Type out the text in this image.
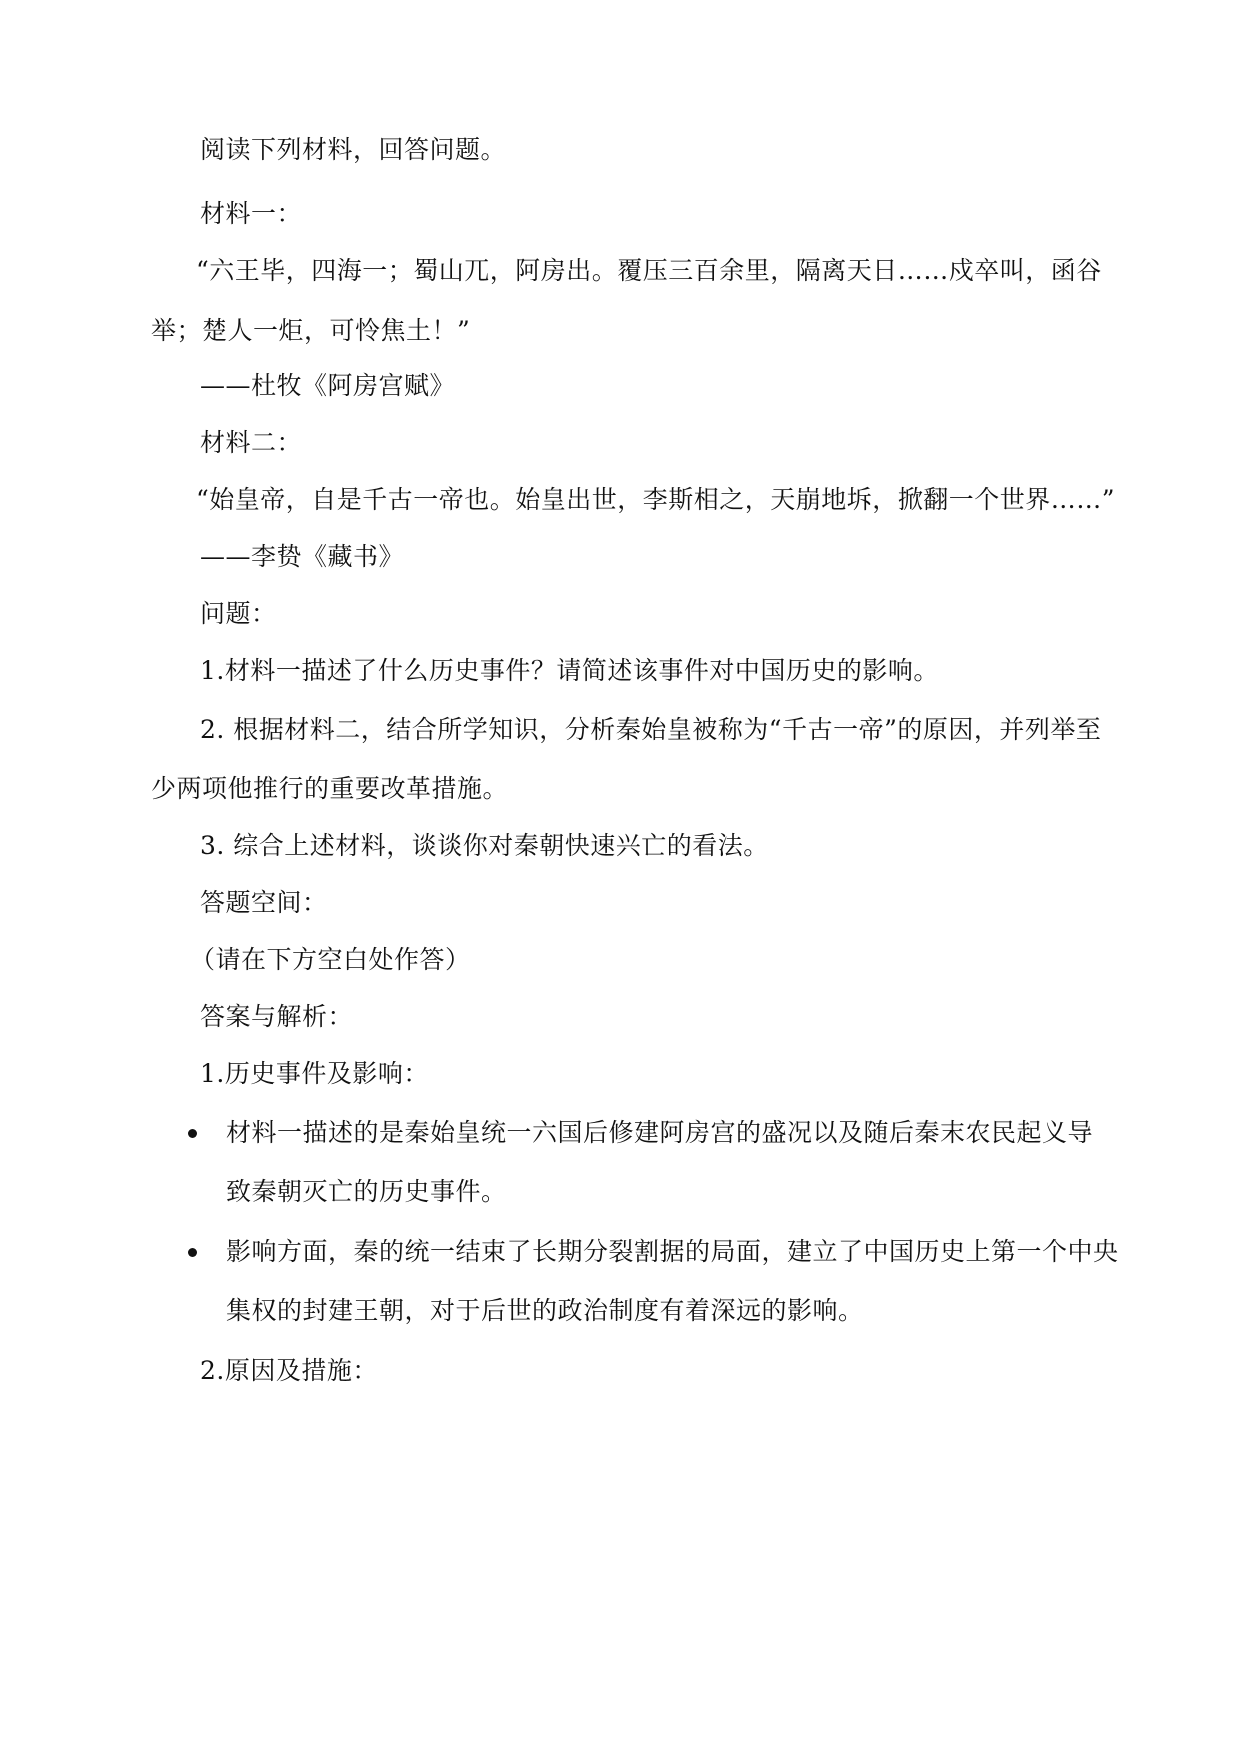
阅读下列材料，回答问题。
材料一：
“六王毕，四海一；蜀山兀，阿房出。覆压三百余里，隔离天日……戍卒叫，函谷
举；楚人一炬，可怜焦土！”
——杜牧《阿房宫赋》
材料二：
“始皇帝，自是千古一帝也。始皇出世，李斯相之，天崩地坼，掀翻一个世界……”
——李贽《藏书》
问题：
1.材料一描述了什么历史事件？请简述该事件对中国历史的影响。
2. 根据材料二，结合所学知识，分析秦始皇被称为“千古一帝”的原因，并列举至
少两项他推行的重要改革措施。
3. 综合上述材料，谈谈你对秦朝快速兴亡的看法。
答题空间：
（请在下方空白处作答）
答案与解析：
1.历史事件及影响：
材料一描述的是秦始皇统一六国后修建阿房宫的盛况以及随后秦末农民起义导
致秦朝灭亡的历史事件。
影响方面，秦的统一结束了长期分裂割据的局面，建立了中国历史上第一个中央
集权的封建王朝，对于后世的政治制度有着深远的影响。
2.原因及措施：
